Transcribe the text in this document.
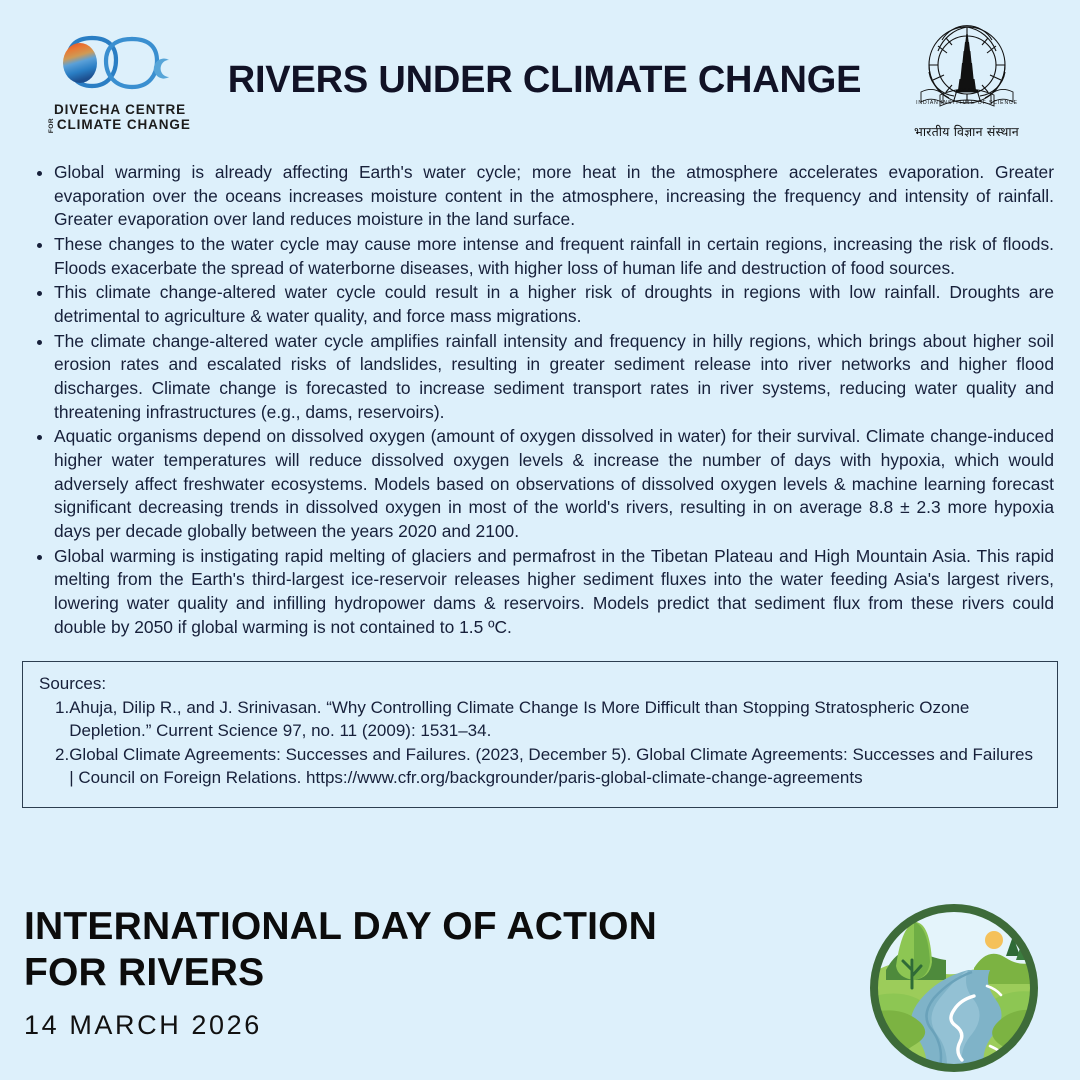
DIVECHA CENTRE
FOR CLIMATE CHANGE
RIVERS UNDER CLIMATE CHANGE
INDIAN INSTITUTE OF SCIENCE
भारतीय विज्ञान संस्थान
Global warming is already affecting Earth's water cycle; more heat in the atmosphere accelerates evaporation. Greater evaporation over the oceans increases moisture content in the atmosphere, increasing the frequency and intensity of rainfall. Greater evaporation over land reduces moisture in the land surface.
These changes to the water cycle may cause more intense and frequent rainfall in certain regions, increasing the risk of floods. Floods exacerbate the spread of waterborne diseases, with higher loss of human life and destruction of food sources.
This climate change-altered water cycle could result in a higher risk of droughts in regions with low rainfall. Droughts are detrimental to agriculture & water quality, and force mass migrations.
The climate change-altered water cycle amplifies rainfall intensity and frequency in hilly regions, which brings about higher soil erosion rates and escalated risks of landslides, resulting in greater sediment release into river networks and higher flood discharges. Climate change is forecasted to increase sediment transport rates in river systems, reducing water quality and threatening infrastructures (e.g., dams, reservoirs).
Aquatic organisms depend on dissolved oxygen (amount of oxygen dissolved in water) for their survival. Climate change-induced higher water temperatures will reduce dissolved oxygen levels & increase the number of days with hypoxia, which would adversely affect freshwater ecosystems. Models based on observations of dissolved oxygen levels & machine learning forecast significant decreasing trends in dissolved oxygen in most of the world's rivers, resulting in on average 8.8 ± 2.3 more hypoxia days per decade globally between the years 2020 and 2100.
Global warming is instigating rapid melting of glaciers and permafrost in the Tibetan Plateau and High Mountain Asia. This rapid melting from the Earth's third-largest ice-reservoir releases higher sediment fluxes into the water feeding Asia's largest rivers, lowering water quality and infilling hydropower dams & reservoirs. Models predict that sediment flux from these rivers could double by 2050 if global warming is not contained to 1.5 ºC.
Sources:
1. Ahuja, Dilip R., and J. Srinivasan. “Why Controlling Climate Change Is More Difficult than Stopping Stratospheric Ozone Depletion.” Current Science 97, no. 11 (2009): 1531–34.
2. Global Climate Agreements: Successes and Failures. (2023, December 5). Global Climate Agreements: Successes and Failures | Council on Foreign Relations. https://www.cfr.org/backgrounder/paris-global-climate-change-agreements
INTERNATIONAL DAY OF ACTION
FOR RIVERS
14 MARCH 2026
